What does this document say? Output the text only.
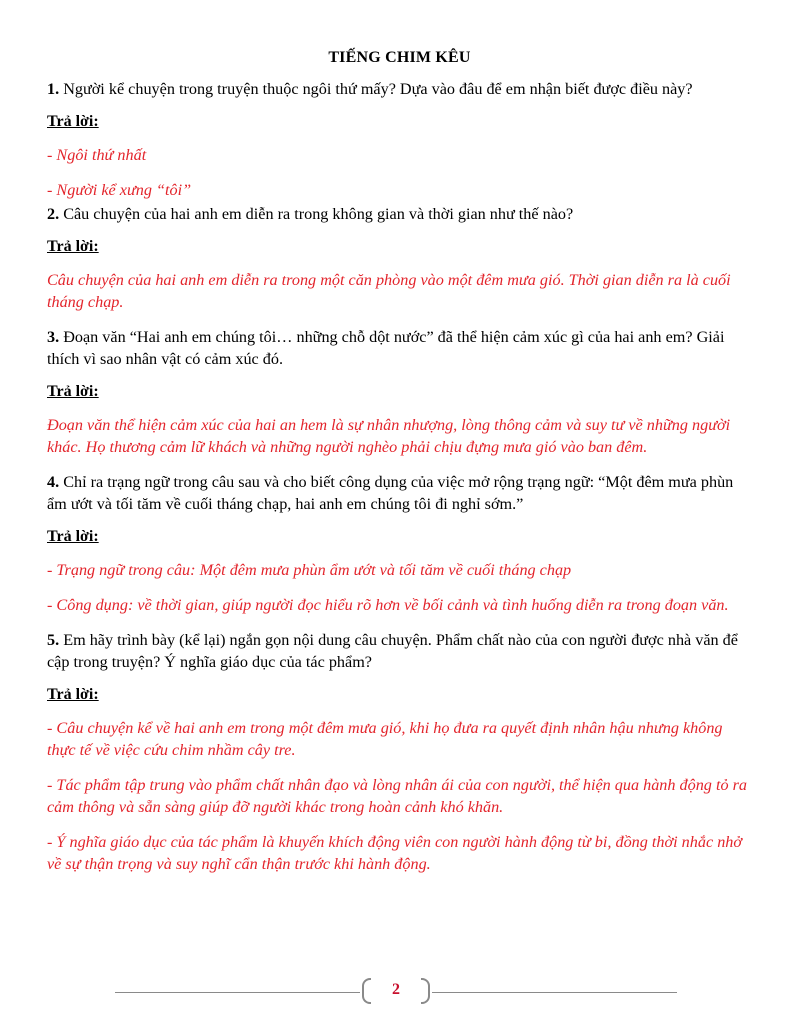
TIẾNG CHIM KÊU
1. Người kể chuyện trong truyện thuộc ngôi thứ mấy? Dựa vào đâu để em nhận biết được điều này?
Trả lời:
- Ngôi thứ nhất
- Người kể xưng “tôi”
2. Câu chuyện của hai anh em diễn ra trong không gian và thời gian như thế nào?
Trả lời:
Câu chuyện của hai anh em diễn ra trong một căn phòng vào một đêm mưa gió. Thời gian diễn ra là cuối tháng chạp.
3. Đoạn văn “Hai anh em chúng tôi… những chỗ dột nước” đã thể hiện cảm xúc gì của hai anh em? Giải thích vì sao nhân vật có cảm xúc đó.
Trả lời:
Đoạn văn thể hiện cảm xúc của hai an hem là sự nhân nhượng, lòng thông cảm và suy tư về những người khác. Họ thương cảm lữ khách và những người nghèo phải chịu đựng mưa gió vào ban đêm.
4. Chỉ ra trạng ngữ trong câu sau và cho biết công dụng của việc mở rộng trạng ngữ: “Một đêm mưa phùn ẩm ướt và tối tăm về cuối tháng chạp, hai anh em chúng tôi đi nghỉ sớm.”
Trả lời:
- Trạng ngữ trong câu: Một đêm mưa phùn ẩm ướt và tối tăm về cuối tháng chạp
- Công dụng: về thời gian, giúp người đọc hiểu rõ hơn về bối cảnh và tình huống diễn ra trong đoạn văn.
5. Em hãy trình bày (kể lại) ngắn gọn nội dung câu chuyện. Phẩm chất nào của con người được nhà văn để cập trong truyện? Ý nghĩa giáo dục của tác phẩm?
Trả lời:
- Câu chuyện kể về hai anh em trong một đêm mưa gió, khi họ đưa ra quyết định nhân hậu nhưng không thực tế về việc cứu chim nhầm cây tre.
- Tác phẩm tập trung vào phẩm chất nhân đạo và lòng nhân ái của con người, thể hiện qua hành động tỏ ra cảm thông và sẵn sàng giúp đỡ người khác trong hoàn cảnh khó khăn.
- Ý nghĩa giáo dục của tác phẩm là khuyến khích động viên con người hành động từ bi, đồng thời nhắc nhở về sự thận trọng và suy nghĩ cẩn thận trước khi hành động.
2
